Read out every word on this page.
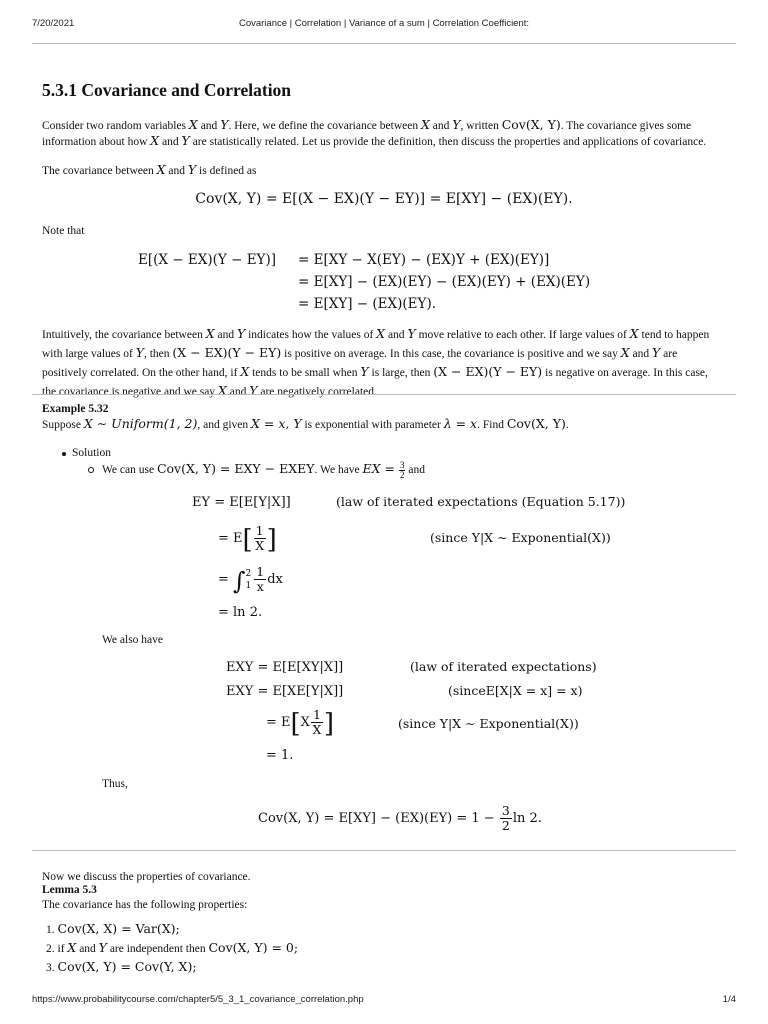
7/20/2021	Covariance | Correlation | Variance of a sum | Correlation Coefficient:
5.3.1 Covariance and Correlation

Consider two random variables X and Y. Here, we define the covariance between X and Y, written Cov(X, Y). The covariance gives some information about how X and Y are statistically related. Let us provide the definition, then discuss the properties and applications of covariance.

The covariance between X and Y is defined as

Cov(X, Y) = E[(X − EX)(Y − EY)] = E[XY] − (EX)(EY).

Note that

E[(X − EX)(Y − EY)] = E[XY − X(EY) − (EX)Y + (EX)(EY)]
= E[XY] − (EX)(EY) − (EX)(EY) + (EX)(EY)
= E[XY] − (EX)(EY).

Intuitively, the covariance between X and Y indicates how the values of X and Y move relative to each other. If large values of X tend to happen with large values of Y, then (X − EX)(Y − EY) is positive on average. In this case, the covariance is positive and we say X and Y are positively correlated. On the other hand, if X tends to be small when Y is large, then (X − EX)(Y − EY) is negative on average. In this case, the covariance is negative and we say X and Y are negatively correlated.

Example 5.32

Suppose X ∼ Uniform(1, 2), and given X = x, Y is exponential with parameter λ = x. Find Cov(X, Y).

Solution

We can use Cov(X, Y) = EXY − EXEY. We have EX = $\frac{3}{2}$ and

EY = E[E[Y|X]]	(law of iterated expectations (Equation 5.17))
= $E[ \frac{1}{X}$ ]	(since Y|X ∼ Exponential(X))
= ∫ 2
$1 \frac{1}{x}$ dx
= ln 2.

We also have

EXY = E[E[XY|X]]	(law of iterated expectations)
EXY = E[XE[Y|X]]	(sinceE[X|X = x] = x)
= $E[X \frac{1}{X}$ ]	(since Y|X ∼ Exponential(X))
= 1.

Thus,

Cov(X, $Y) = E[XY] - (EX)(EY) = 1 - \frac{3}{2}$ ln 2.

Now we discuss the properties of covariance.

Lemma 5.3

The covariance has the following properties:

1. Cov(X, X) = Var(X);

2. if X and Y are independent then Cov(X, Y) = 0;

3. Cov(X, Y) = Cov(Y, X);

https://www.probabilitycourse.com/chapter5/5_3_1_covariance_correlation.php	1/4
